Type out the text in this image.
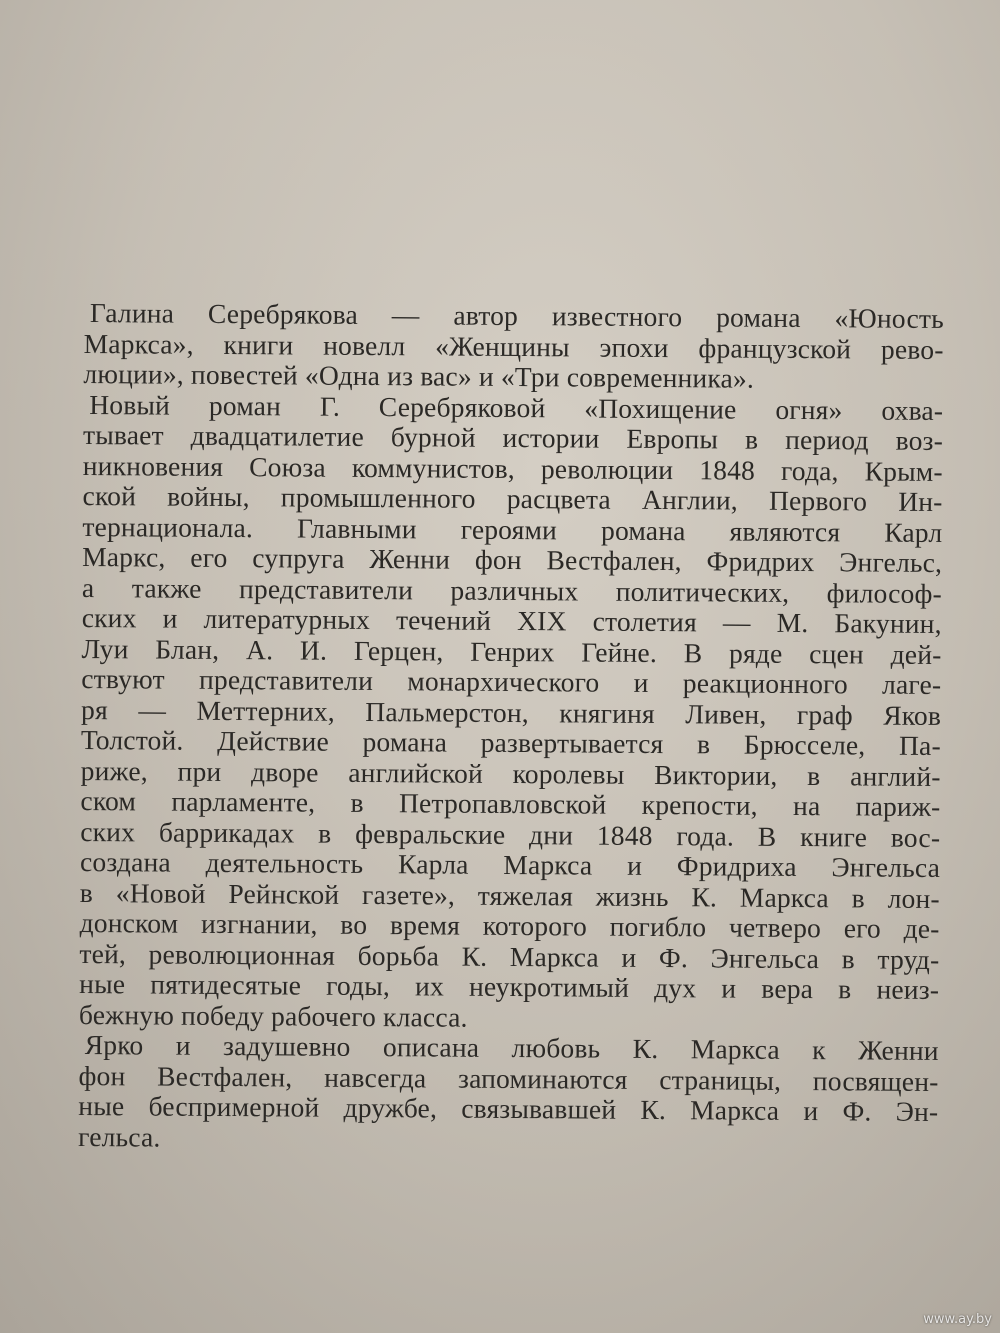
Галина Серебрякова — автор известного романа «Юность
Маркса», книги новелл «Женщины эпохи французской рево-
люции», повестей «Одна из вас» и «Три современника».
Новый роман Г. Серебряковой «Похищение огня» охва-
тывает двадцатилетие бурной истории Европы в период воз-
никновения Союза коммунистов, революции 1848 года, Крым-
ской войны, промышленного расцвета Англии, Первого Ин-
тернационала. Главными героями романа являются Карл
Маркс, его супруга Женни фон Вестфален, Фридрих Энгельс,
а также представители различных политических, философ-
ских и литературных течений XIX столетия — М. Бакунин,
Луи Блан, А. И. Герцен, Генрих Гейне. В ряде сцен дей-
ствуют представители монархического и реакционного лаге-
ря — Меттерних, Пальмерстон, княгиня Ливен, граф Яков
Толстой. Действие романа развертывается в Брюсселе, Па-
риже, при дворе английской королевы Виктории, в англий-
ском парламенте, в Петропавловской крепости, на париж-
ских баррикадах в февральские дни 1848 года. В книге вос-
создана деятельность Карла Маркса и Фридриха Энгельса
в «Новой Рейнской газете», тяжелая жизнь К. Маркса в лон-
донском изгнании, во время которого погибло четверо его де-
тей, революционная борьба К. Маркса и Ф. Энгельса в труд-
ные пятидесятые годы, их неукротимый дух и вера в неиз-
бежную победу рабочего класса.
Ярко и задушевно описана любовь К. Маркса к Женни
фон Вестфален, навсегда запоминаются страницы, посвящен-
ные беспримерной дружбе, связывавшей К. Маркса и Ф. Эн-
гельса.
www.ay.by
